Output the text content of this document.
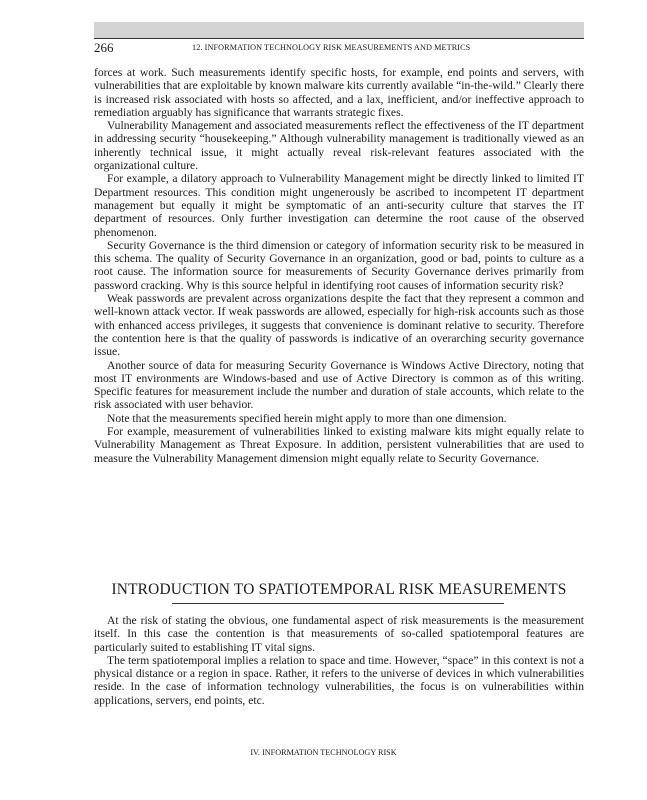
266	12. INFORMATION TECHNOLOGY RISK MEASUREMENTS AND METRICS

forces at work. Such measurements identify specific hosts, for example, end points and servers, with vulnerabilities that are exploitable by known malware kits currently available “in-the-wild.” Clearly there is increased risk associated with hosts so affected, and a lax, inefficient, and/or ineffective approach to remediation arguably has significance that warrants strategic fixes.

Vulnerability Management and associated measurements reflect the effectiveness of the IT department in addressing security “housekeeping.” Although vulnerability management is traditionally viewed as an inherently technical issue, it might actually reveal risk-relevant features associated with the organizational culture.

For example, a dilatory approach to Vulnerability Management might be directly linked to limited IT Department resources. This condition might ungenerously be ascribed to incompetent IT department management but equally it might be symptomatic of an anti-security culture that starves the IT department of resources. Only further investigation can determine the root cause of the observed phenomenon.

Security Governance is the third dimension or category of information security risk to be measured in this schema. The quality of Security Governance in an organization, good or bad, points to culture as a root cause. The information source for measurements of Security Governance derives primarily from password cracking. Why is this source helpful in identifying root causes of information security risk?

Weak passwords are prevalent across organizations despite the fact that they represent a common and well-known attack vector. If weak passwords are allowed, especially for high-risk accounts such as those with enhanced access privileges, it suggests that convenience is dominant relative to security. Therefore the contention here is that the quality of passwords is indicative of an overarching security governance issue.

Another source of data for measuring Security Governance is Windows Active Directory, noting that most IT environments are Windows-based and use of Active Directory is common as of this writing. Specific features for measurement include the number and duration of stale accounts, which relate to the risk associated with user behavior.

Note that the measurements specified herein might apply to more than one dimension.

For example, measurement of vulnerabilities linked to existing malware kits might equally relate to Vulnerability Management as Threat Exposure. In addition, persistent vulnerabilities that are used to measure the Vulnerability Management dimension might equally relate to Security Governance.

INTRODUCTION TO SPATIOTEMPORAL RISK MEASUREMENTS

At the risk of stating the obvious, one fundamental aspect of risk measurements is the measurement itself. In this case the contention is that measurements of so-called spatiotemporal features are particularly suited to establishing IT vital signs.

The term spatiotemporal implies a relation to space and time. However, “space” in this context is not a physical distance or a region in space. Rather, it refers to the universe of devices in which vulnerabilities reside. In the case of information technology vulnerabilities, the focus is on vulnerabilities within applications, servers, end points, etc.

IV. INFORMATION TECHNOLOGY RISK
